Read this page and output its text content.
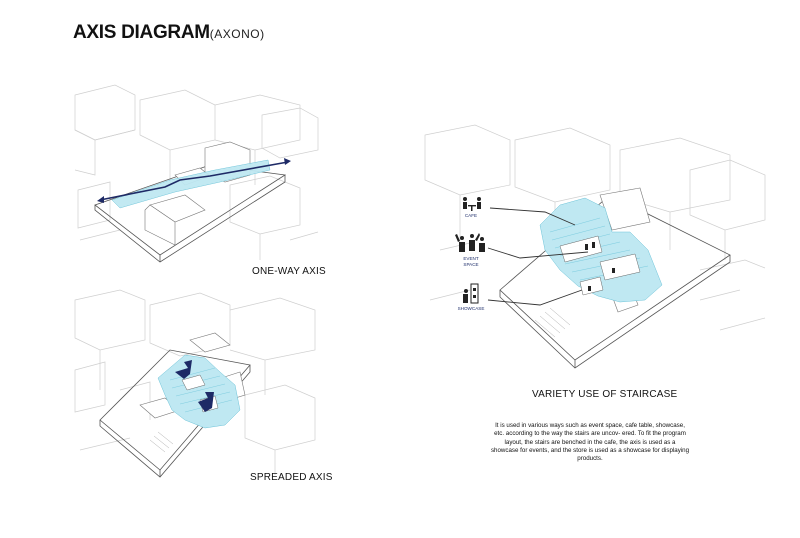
AXIS DIAGRAM(AXONO)
ONE-WAY AXIS
SPREADED AXIS
CAFE
EVENT
SPACE
SHOWCASE
VARIETY USE OF STAIRCASE
It is used in various ways such as event space, cafe table, showcase, etc. according to the way the stairs are uncov- ered. To fit the program layout, the stairs are benched in the cafe, the axis is used as a showcase for events, and the store is used as a showcase for displaying products.
